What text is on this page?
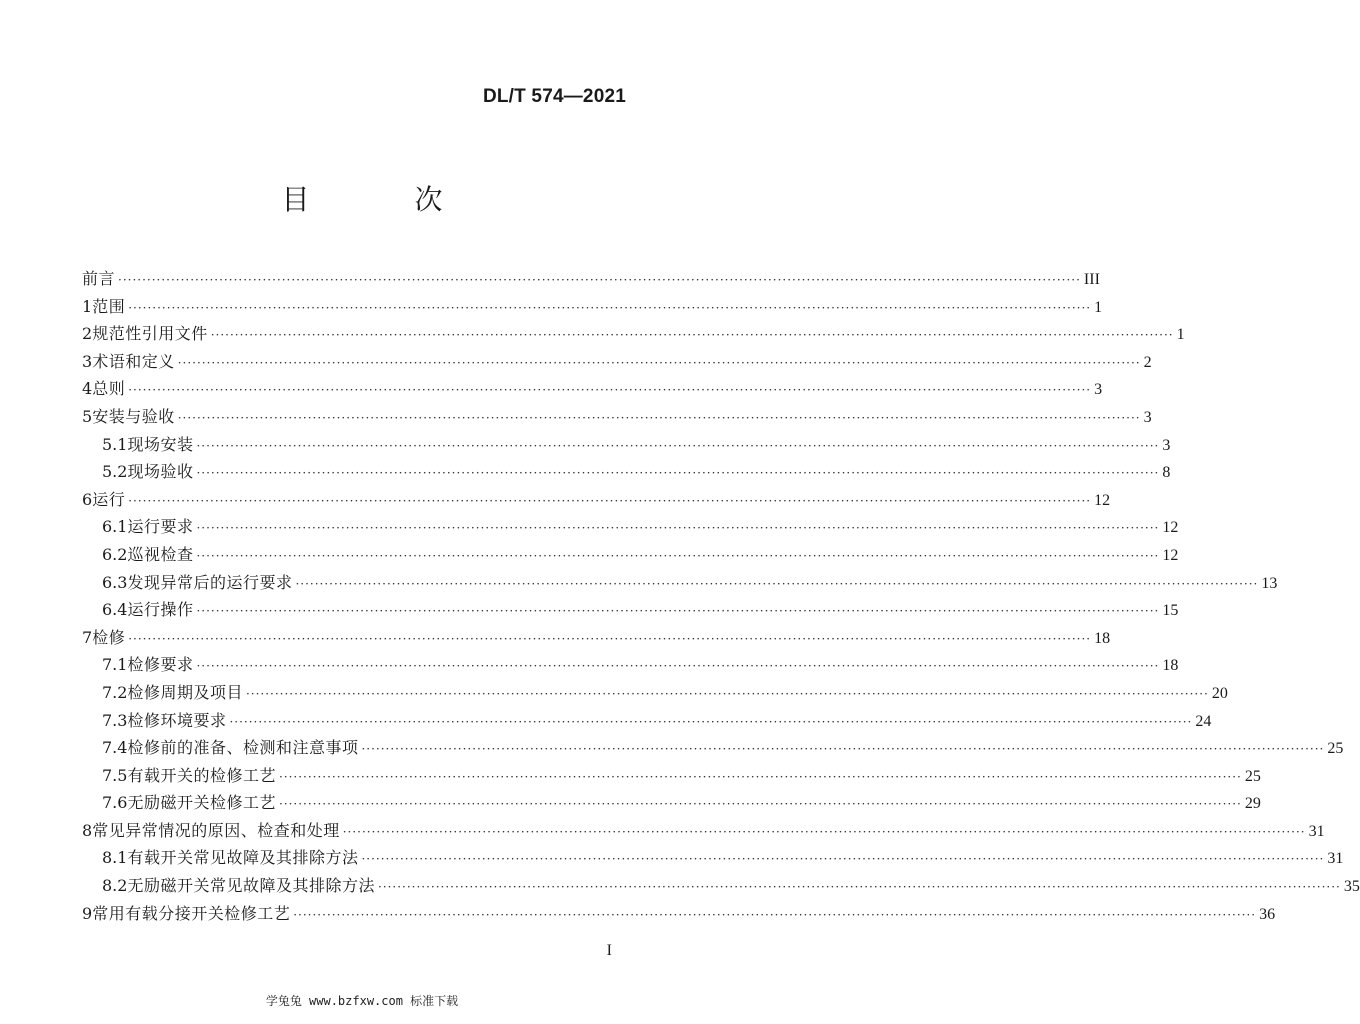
DL/T 574—2021
目 次
前言 ········································································································································································································ III
1 范围 ········································································································································································································ 1
2 规范性引用文件 ········································································································································································································ 1
3 术语和定义 ········································································································································································································ 2
4 总则 ········································································································································································································ 3
5 安装与验收 ········································································································································································································ 3
5.1 现场安装 ········································································································································································································ 3
5.2 现场验收 ········································································································································································································ 8
6 运行 ········································································································································································································ 12
6.1 运行要求 ········································································································································································································ 12
6.2 巡视检查 ········································································································································································································ 12
6.3 发现异常后的运行要求 ········································································································································································································ 13
6.4 运行操作 ········································································································································································································ 15
7 检修 ········································································································································································································ 18
7.1 检修要求 ········································································································································································································ 18
7.2 检修周期及项目 ········································································································································································································ 20
7.3 检修环境要求 ········································································································································································································ 24
7.4 检修前的准备、检测和注意事项 ········································································································································································································ 25
7.5 有载开关的检修工艺 ········································································································································································································ 25
7.6 无励磁开关检修工艺 ········································································································································································································ 29
8 常见异常情况的原因、检查和处理 ········································································································································································································ 31
8.1 有载开关常见故障及其排除方法 ········································································································································································································ 31
8.2 无励磁开关常见故障及其排除方法 ········································································································································································································ 35
9 常用有载分接开关检修工艺 ········································································································································································································ 36
I
学兔兔 www.bzfxw.com 标准下载
